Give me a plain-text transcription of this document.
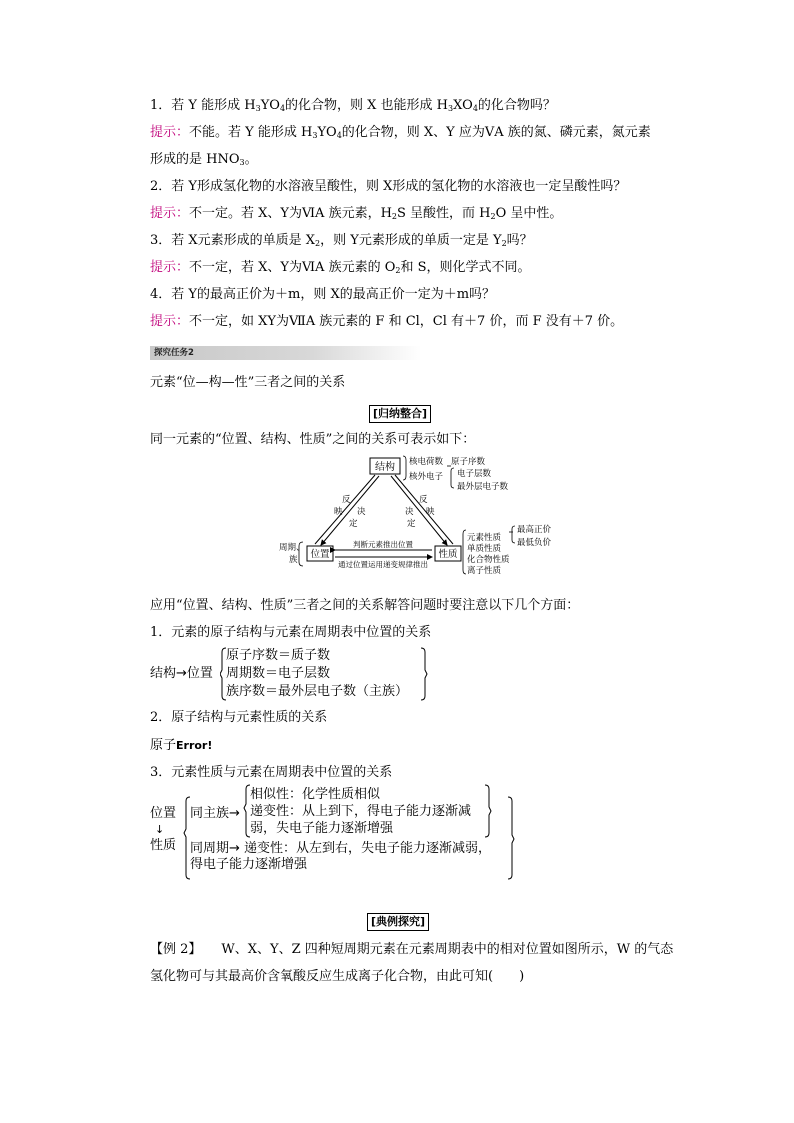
1．若 Y 能形成 $H_3YO_4$的化合物，则 X 也能形成 $H_3XO_4$的化合物吗？
提示：不能。若 Y 能形成 $H_3YO_4$的化合物，则 X、Y 应为ⅤA 族的氮、磷元素，氮元素
形成的是 $HNO_3$。
2．若 Y形成氢化物的水溶液呈酸性，则 X形成的氢化物的水溶液也一定呈酸性吗？
提示：不一定。若 X、Y为ⅥA 族元素，$H_2S$ 呈酸性，而 $H_2O$ 呈中性。
3．若 X元素形成的单质是 $X_2$，则 Y元素形成的单质一定是 $Y_2$吗？
提示：不一定，若 X、Y为ⅥA 族元素的 $O_2$和 S，则化学式不同。
4．若 Y的最高正价为＋m，则 X的最高正价一定为＋m吗？
提示：不一定，如 XY为ⅦA 族元素的 F 和 Cl，Cl 有＋7 价，而 F 没有＋7 价。
探究任务2
元素“位—构—性”三者之间的关系
[归纳整合]
同一元素的“位置、结构、性质”之间的关系可表示如下：
结构 核电荷数 原子序数
核外电子 电子层数
最外层电子数
反
映 决
定
决
定
反
映
位置
周期、
族	性质
判断元素推出位置
通过位置运用递变规律推出
元素性质
单质性质
化合物性质
离子性质
最高正价
最低负价
应用“位置、结构、性质”三者之间的关系解答问题时要注意以下几个方面：
1．元素的原子结构与元素在周期表中位置的关系
结构→位置
原子序数＝质子数
周期数＝电子层数
族序数＝最外层电子数（主族）
2．原子结构与元素性质的关系
原子Error!
3．元素性质与元素在周期表中位置的关系
位置
↓
性质
同主族→
相似性：化学性质相似
递变性：从上到下，得电子能力逐渐减
弱，失电子能力逐渐增强
同周期→ 递变性：从左到右，失电子能力逐渐减弱，
得电子能力逐渐增强
[典例探究]
【例 2】 W、X、Y、Z 四种短周期元素在元素周期表中的相对位置如图所示，W 的气态
氢化物可与其最高价含氧酸反应生成离子化合物，由此可知(　　)
